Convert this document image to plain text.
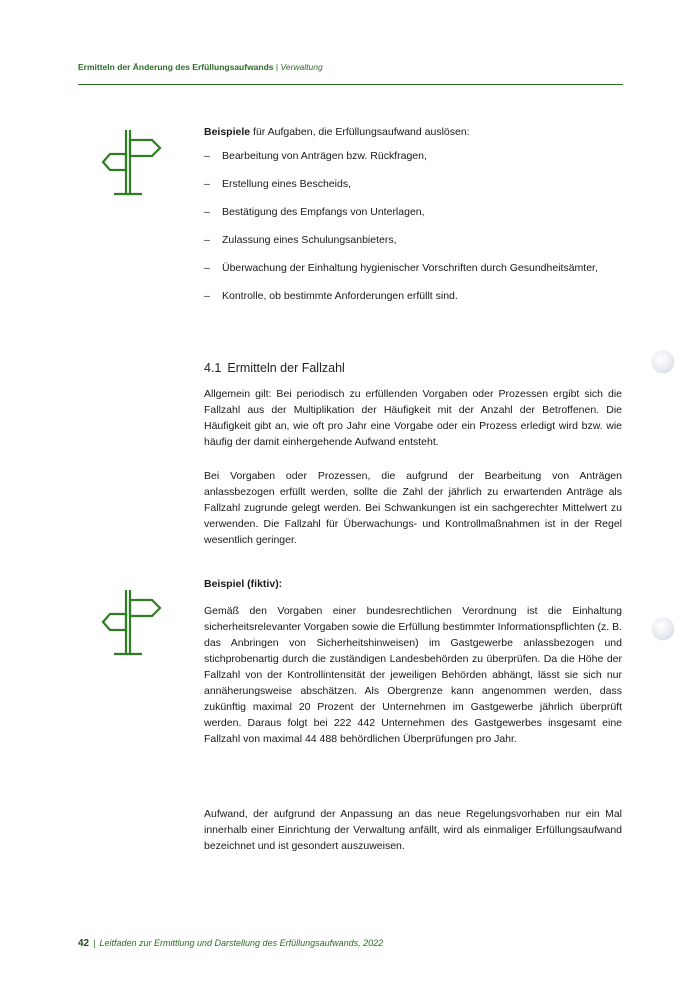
Ermitteln der Änderung des Erfüllungsaufwands | Verwaltung
Beispiele für Aufgaben, die Erfüllungsaufwand auslösen:
– Bearbeitung von Anträgen bzw. Rückfragen,
– Erstellung eines Bescheids,
– Bestätigung des Empfangs von Unterlagen,
– Zulassung eines Schulungsanbieters,
– Überwachung der Einhaltung hygienischer Vorschriften durch Gesundheitsämter,
– Kontrolle, ob bestimmte Anforderungen erfüllt sind.
4.1 Ermitteln der Fallzahl
Allgemein gilt: Bei periodisch zu erfüllenden Vorgaben oder Prozessen ergibt sich die Fallzahl aus der Multiplikation der Häufigkeit mit der Anzahl der Betroffenen. Die Häufigkeit gibt an, wie oft pro Jahr eine Vorgabe oder ein Prozess erledigt wird bzw. wie häufig der damit einhergehende Aufwand entsteht.
Bei Vorgaben oder Prozessen, die aufgrund der Bearbeitung von Anträgen anlassbezogen erfüllt werden, sollte die Zahl der jährlich zu erwartenden Anträge als Fallzahl zugrunde gelegt werden. Bei Schwankungen ist ein sachgerechter Mittelwert zu verwenden. Die Fallzahl für Überwachungs- und Kontrollmaßnahmen ist in der Regel wesentlich geringer.
Beispiel (fiktiv):
Gemäß den Vorgaben einer bundesrechtlichen Verordnung ist die Einhaltung sicherheitsrelevanter Vorgaben sowie die Erfüllung bestimmter Informationspflichten (z. B. das Anbringen von Sicherheitshinweisen) im Gastgewerbe anlassbezogen und stichprobenartig durch die zuständigen Landesbehörden zu überprüfen. Da die Höhe der Fallzahl von der Kontrollintensität der jeweiligen Behörden abhängt, lässt sie sich nur annäherungsweise abschätzen. Als Obergrenze kann angenommen werden, dass zukünftig maximal 20 Prozent der Unternehmen im Gastgewerbe jährlich überprüft werden. Daraus folgt bei 222 442 Unternehmen des Gastgewerbes insgesamt eine Fallzahl von maximal 44 488 behördlichen Überprüfungen pro Jahr.
Aufwand, der aufgrund der Anpassung an das neue Regelungsvorhaben nur ein Mal innerhalb einer Einrichtung der Verwaltung anfällt, wird als einmaliger Erfüllungsaufwand bezeichnet und ist gesondert auszuweisen.
42 | Leitfaden zur Ermittlung und Darstellung des Erfüllungsaufwands, 2022
